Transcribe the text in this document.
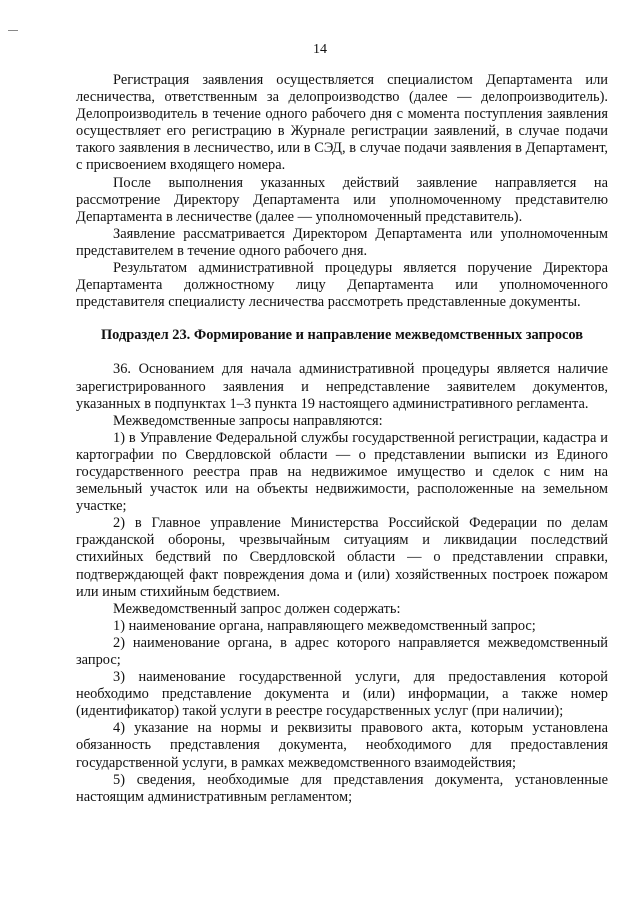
14

Регистрация заявления осуществляется специалистом Департамента или лесничества, ответственным за делопроизводство (далее — делопроизводитель). Делопроизводитель в течение одного рабочего дня с момента поступления заявления осуществляет его регистрацию в Журнале регистрации заявлений, в случае подачи такого заявления в лесничество, или в СЭД, в случае подачи заявления в Департамент, с присвоением входящего номера.

После выполнения указанных действий заявление направляется на рассмотрение Директору Департамента или уполномоченному представителю Департамента в лесничестве (далее — уполномоченный представитель).

Заявление рассматривается Директором Департамента или уполномоченным представителем в течение одного рабочего дня.

Результатом административной процедуры является поручение Директора Департамента должностному лицу Департамента или уполномоченного представителя специалисту лесничества рассмотреть представленные документы.

Подраздел 23. Формирование и направление межведомственных запросов

36. Основанием для начала административной процедуры является наличие зарегистрированного заявления и непредставление заявителем документов, указанных в подпунктах 1–3 пункта 19 настоящего административного регламента.

Межведомственные запросы направляются:

1) в Управление Федеральной службы государственной регистрации, кадастра и картографии по Свердловской области — о представлении выписки из Единого государственного реестра прав на недвижимое имущество и сделок с ним на земельный участок или на объекты недвижимости, расположенные на земельном участке;

2) в Главное управление Министерства Российской Федерации по делам гражданской обороны, чрезвычайным ситуациям и ликвидации последствий стихийных бедствий по Свердловской области — о представлении справки, подтверждающей факт повреждения дома и (или) хозяйственных построек пожаром или иным стихийным бедствием.

Межведомственный запрос должен содержать:

1) наименование органа, направляющего межведомственный запрос;

2) наименование органа, в адрес которого направляется межведомственный запрос;

3) наименование государственной услуги, для предоставления которой необходимо представление документа и (или) информации, а также номер (идентификатор) такой услуги в реестре государственных услуг (при наличии);

4) указание на нормы и реквизиты правового акта, которым установлена обязанность представления документа, необходимого для предоставления государственной услуги, в рамках межведомственного взаимодействия;

5) сведения, необходимые для представления документа, установленные настоящим административным регламентом;
